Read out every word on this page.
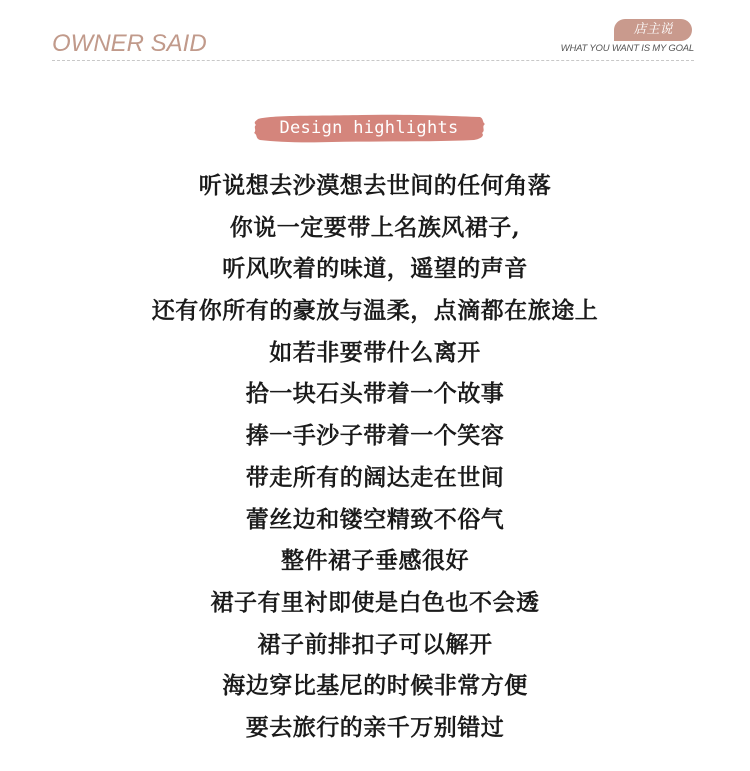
OWNER SAID
店主说
WHAT YOU WANT IS MY GOAL
Design highlights
听说想去沙漠想去世间的任何角落
你说一定要带上名族风裙子,
听风吹着的味道，遥望的声音
还有你所有的豪放与温柔，点滴都在旅途上
如若非要带什么离开
拾一块石头带着一个故事
捧一手沙子带着一个笑容
带走所有的阔达走在世间
蕾丝边和镂空精致不俗气
整件裙子垂感很好
裙子有里衬即使是白色也不会透
裙子前排扣子可以解开
海边穿比基尼的时候非常方便
要去旅行的亲千万别错过
